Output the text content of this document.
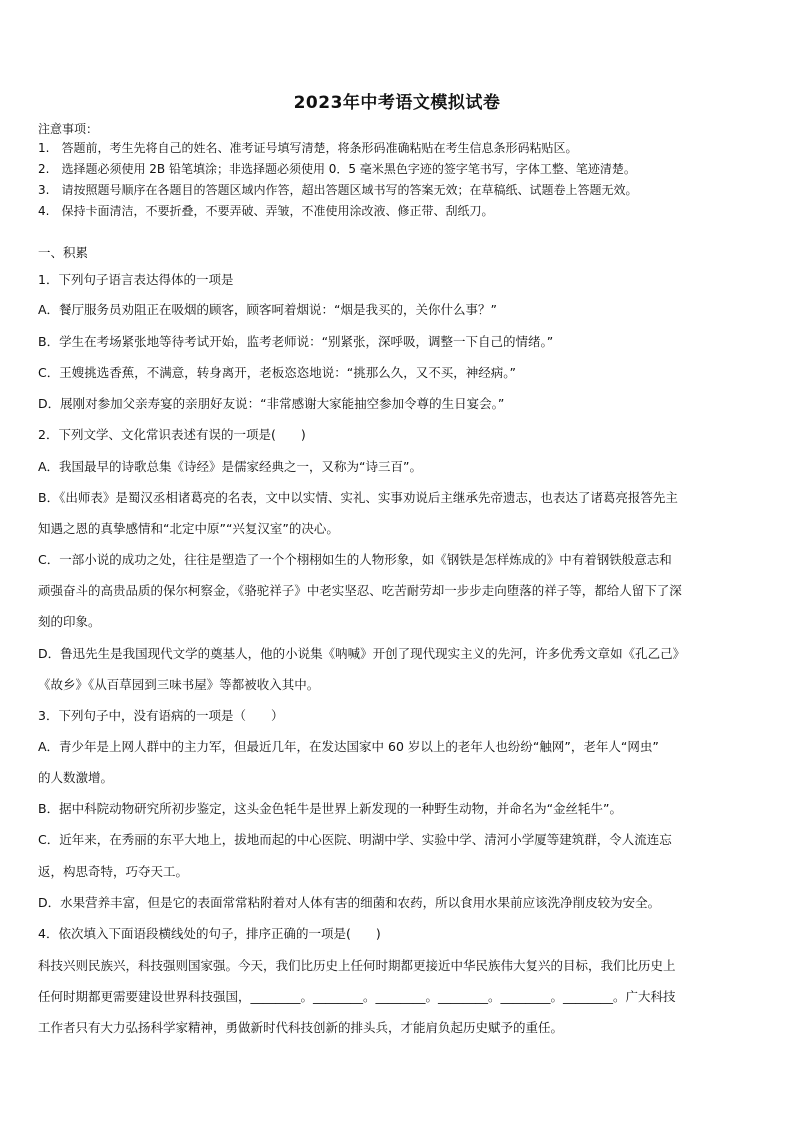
2023年中考语文模拟试卷
注意事项：
1.　答题前，考生先将自己的姓名、准考证号填写清楚，将条形码准确粘贴在考生信息条形码粘贴区。
2.　选择题必须使用 2B 铅笔填涂；非选择题必须使用 0．5 毫米黑色字迹的签字笔书写，字体工整、笔迹清楚。
3.　请按照题号顺序在各题目的答题区域内作答，超出答题区域书写的答案无效；在草稿纸、试题卷上答题无效。
4.　保持卡面清洁，不要折叠，不要弄破、弄皱，不准使用涂改液、修正带、刮纸刀。
一、积累
1．下列句子语言表达得体的一项是
A．餐厅服务员劝阻正在吸烟的顾客，顾客呵着烟说：“烟是我买的，关你什么事？”
B．学生在考场紧张地等待考试开始，监考老师说：“别紧张，深呼吸，调整一下自己的情绪。”
C．王嫂挑选香蕉，不满意，转身离开，老板恣恣地说：“挑那么久，又不买，神经病。”
D．展刚对参加父亲寿宴的亲朋好友说：“非常感谢大家能抽空参加令尊的生日宴会。”
2．下列文学、文化常识表述有误的一项是(　　)
A．我国最早的诗歌总集《诗经》是儒家经典之一，又称为“诗三百”。
B．《出师表》是蜀汉丞相诸葛亮的名表，文中以实情、实礼、实事劝说后主继承先帝遗志，也表达了诸葛亮报答先主
知遇之恩的真挚感情和“北定中原”“兴复汉室”的决心。
C．一部小说的成功之处，往往是塑造了一个个栩栩如生的人物形象，如《钢铁是怎样炼成的》中有着钢铁般意志和
顽强奋斗的高贵品质的保尔柯察金，《骆驼祥子》中老实坚忍、吃苦耐劳却一步步走向堕落的祥子等，都给人留下了深
刻的印象。
D．鲁迅先生是我国现代文学的奠基人，他的小说集《呐喊》开创了现代现实主义的先河，许多优秀文章如《孔乙己》
《故乡》《从百草园到三味书屋》等都被收入其中。
3．下列句子中，没有语病的一项是（　　）
A．青少年是上网人群中的主力军，但最近几年，在发达国家中 60 岁以上的老年人也纷纷“触网”，老年人“网虫”
的人数激增。
B．据中科院动物研究所初步鉴定，这头金色牦牛是世界上新发现的一种野生动物，并命名为“金丝牦牛”。
C．近年来，在秀丽的东平大地上，拔地而起的中心医院、明湖中学、实验中学、清河小学厦等建筑群，令人流连忘
返，构思奇特，巧夺天工。
D．水果营养丰富，但是它的表面常常粘附着对人体有害的细菌和农药，所以食用水果前应该洗净削皮较为安全。
4．依次填入下面语段横线处的句子，排序正确的一项是(　　)
科技兴则民族兴，科技强则国家强。今天，我们比历史上任何时期都更接近中华民族伟大复兴的目标，我们比历史上
任何时期都更需要建设世界科技强国，________。________。________。________。________。________。广大科技
工作者只有大力弘扬科学家精神，勇做新时代科技创新的排头兵，才能肩负起历史赋予的重任。
